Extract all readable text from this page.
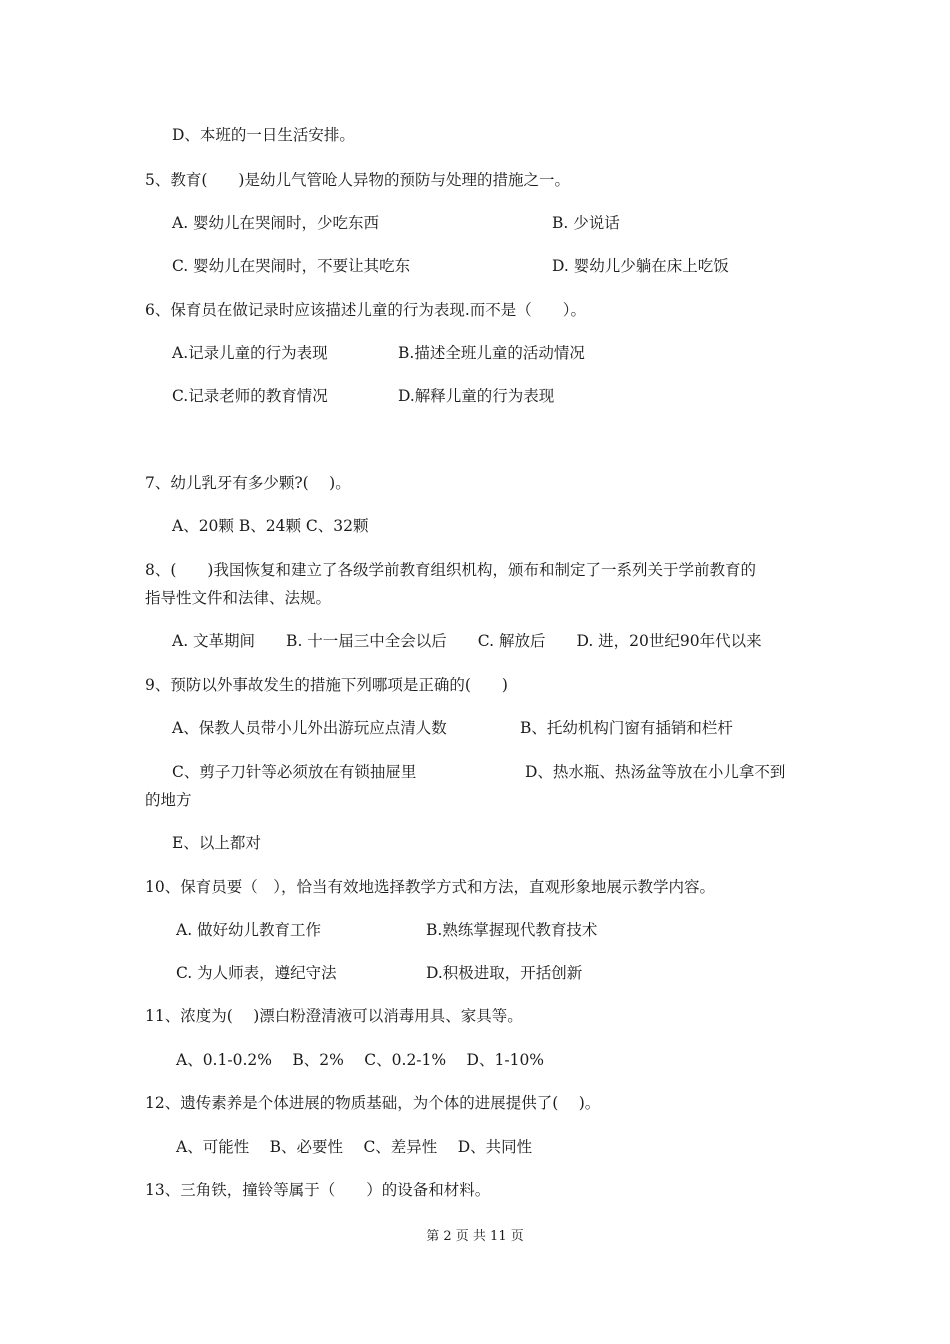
D、本班的一日生活安排。
5、教育(　　)是幼儿气管呛人异物的预防与处理的措施之一。
A. 婴幼儿在哭闹时，少吃东西	B. 少说话
C. 婴幼儿在哭闹时，不要让其吃东	D. 婴幼儿少躺在床上吃饭
6、保育员在做记录时应该描述儿童的行为表现.而不是（　　）。
A.记录儿童的行为表现	B.描述全班儿童的活动情况
C.记录老师的教育情况	D.解释儿童的行为表现
7、幼儿乳牙有多少颗?(　 )。
A、20颗 B、24颗 C、32颗
8、(　　)我国恢复和建立了各级学前教育组织机构，颁布和制定了一系列关于学前教育的
指导性文件和法律、法规。
A. 文革期间　　B. 十一届三中全会以后　　C. 解放后　　D. 进，20世纪90年代以来
9、预防以外事故发生的措施下列哪项是正确的(　　)
A、保教人员带小儿外出游玩应点清人数	B、托幼机构门窗有插销和栏杆
C、剪子刀针等必须放在有锁抽屉里	D、热水瓶、热汤盆等放在小儿拿不到
的地方
E、以上都对
10、保育员要（　），恰当有效地选择教学方式和方法，直观形象地展示教学内容。
A. 做好幼儿教育工作	B.熟练掌握现代教育技术
C. 为人师表，遵纪守法	D.积极进取，开括创新
11、浓度为(　 )漂白粉澄清液可以消毒用具、家具等。
A、0.1-0.2%　 B、2%　 C、0.2-1%　 D、1-10%
12、遗传素养是个体进展的物质基础，为个体的进展提供了(　 )。
A、可能性　 B、必要性　 C、差异性　 D、共同性
13、三角铁，撞铃等属于（　　）的设备和材料。
第 2 页 共 11 页
